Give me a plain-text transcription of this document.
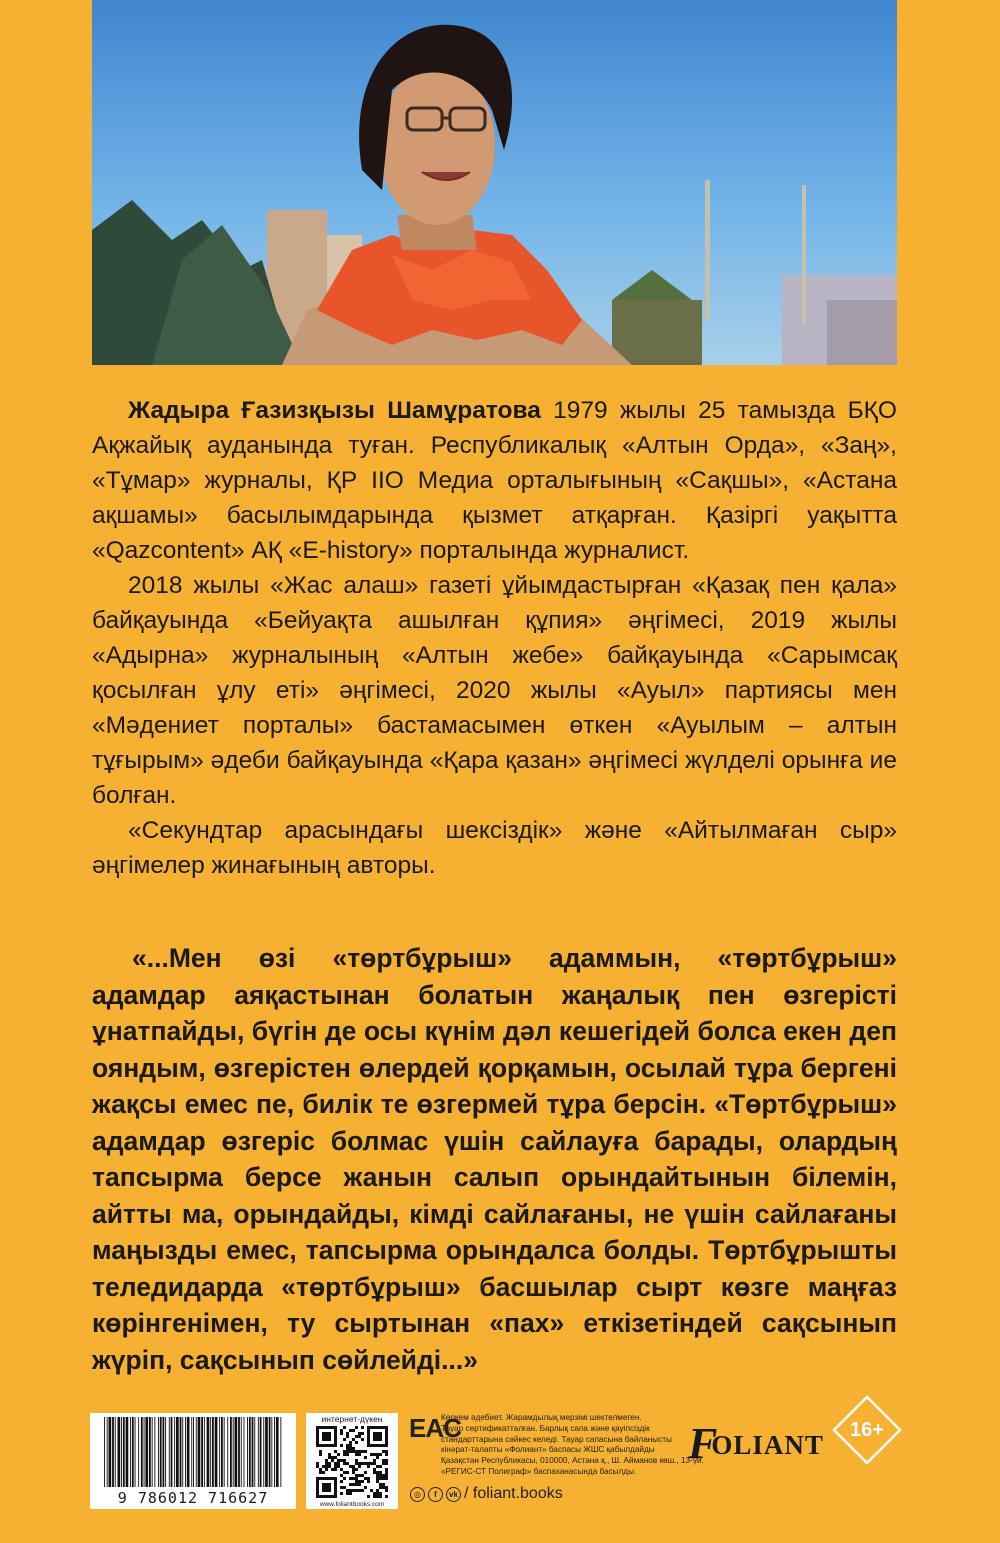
Жадыра Ғазизқызы Шамұратова 1979 жылы 25 тамызда БҚО Ақжайық ауданында туған. Республикалық «Алтын Орда», «Заң», «Тұмар» журналы, ҚР ІІО Медиа орталығының «Сақшы», «Астана ақшамы» басылымдарында қызмет атқарған. Қазіргі уақытта «Qazcontent» АҚ «E-history» порталында журналист.

2018 жылы «Жас алаш» газеті ұйымдастырған «Қазақ пен қала» байқауында «Бейуақта ашылған құпия» әңгімесі, 2019 жылы «Адырна» журналының «Алтын жебе» байқауында «Сарымсақ қосылған ұлу еті» әңгімесі, 2020 жылы «Ауыл» партиясы мен «Мәдениет порталы» бастамасымен өткен «Ауылым – алтын тұғырым» әдеби байқауында «Қара қазан» әңгімесі жүлделі орынға ие болған.

«Секундтар арасындағы шексіздік» және «Айтылмаған сыр» әңгімелер жинағының авторы.

«...Мен өзі «төртбұрыш» адаммын, «төртбұрыш» адамдар аяқастынан болатын жаңалық пен өзгерісті ұнатпайды, бүгін де осы күнім дәл кешегідей болса екен деп ояндым, өзгерістен өлердей қорқамын, осылай тұра бергені жақсы емес пе, билік те өзгермей тұра берсін. «Төртбұрыш» адамдар өзгеріс болмас үшін сайлауға барады, олардың тапсырма берсе жанын салып орындайтынын білемін, айтты ма, орындайды, кімді сайлағаны, не үшін сайлағаны маңызды емес, тапсырма орындалса болды. Төртбұрышты теледидарда «төртбұрыш» басшылар сырт көзге маңғаз көрінгенімен, ту сыртынан «пах» еткізетіндей сақсынып жүріп, сақсынып сөйлейді...»

9 786012 716627
интернет-дүкен
www.foliantbooks.com
EAC
Көркем әдебиет. Жарамдылық мерзімі шектелмеген.
Тауар сертификатталған. Барлық сапа және қауіпсіздік
стандарттарына сәйкес келеді. Тауар сапасына байланысты
кінәрат-талапты «Фолиант» баспасы ЖШС қабылдайды
Қазақстан Республикасы, 010000, Астана қ., Ш. Айманов көш., 13-үй.
«РЕГИС-СТ Полиграф» баспаханасында басылды.
◎	f	vk / foliant.books
FOLIANT	16+
